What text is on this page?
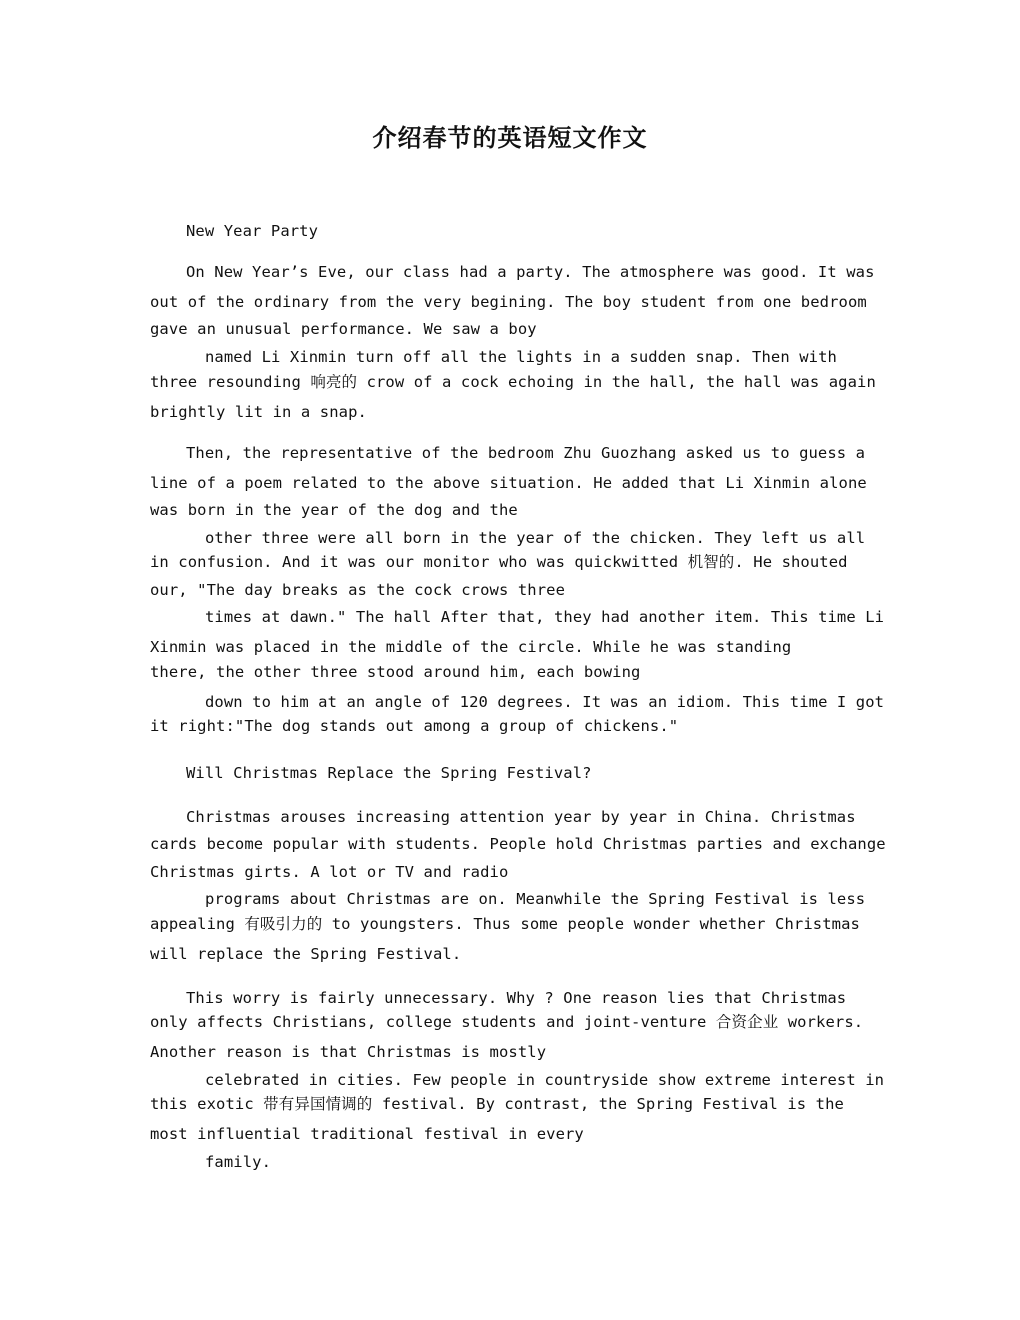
介绍春节的英语短文作文
New Year Party
On New Year’s Eve, our class had a party. The atmosphere was good. It was
out of the ordinary from the very begining. The boy student from one bedroom
gave an unusual performance. We saw a boy
named Li Xinmin turn off all the lights in a sudden snap. Then with
three resounding 响亮的 crow of a cock echoing in the hall, the hall was again
brightly lit in a snap.
Then, the representative of the bedroom Zhu Guozhang asked us to guess a
line of a poem related to the above situation. He added that Li Xinmin alone
was born in the year of the dog and the
other three were all born in the year of the chicken. They left us all
in confusion. And it was our monitor who was quickwitted 机智的. He shouted
our, "The day breaks as the cock crows three
times at dawn." The hall After that, they had another item. This time Li
Xinmin was placed in the middle of the circle. While he was standing
there, the other three stood around him, each bowing
down to him at an angle of 120 degrees. It was an idiom. This time I got
it right:"The dog stands out among a group of chickens."
Will Christmas Replace the Spring Festival?
Christmas arouses increasing attention year by year in China. Christmas
cards become popular with students. People hold Christmas parties and exchange
Christmas girts. A lot or TV and radio
programs about Christmas are on. Meanwhile the Spring Festival is less
appealing 有吸引力的 to youngsters. Thus some people wonder whether Christmas
will replace the Spring Festival.
This worry is fairly unnecessary. Why ? One reason lies that Christmas
only affects Christians, college students and joint-venture 合资企业 workers.
Another reason is that Christmas is mostly
celebrated in cities. Few people in countryside show extreme interest in
this exotic 带有异国情调的 festival. By contrast, the Spring Festival is the
most influential traditional festival in every
family.
